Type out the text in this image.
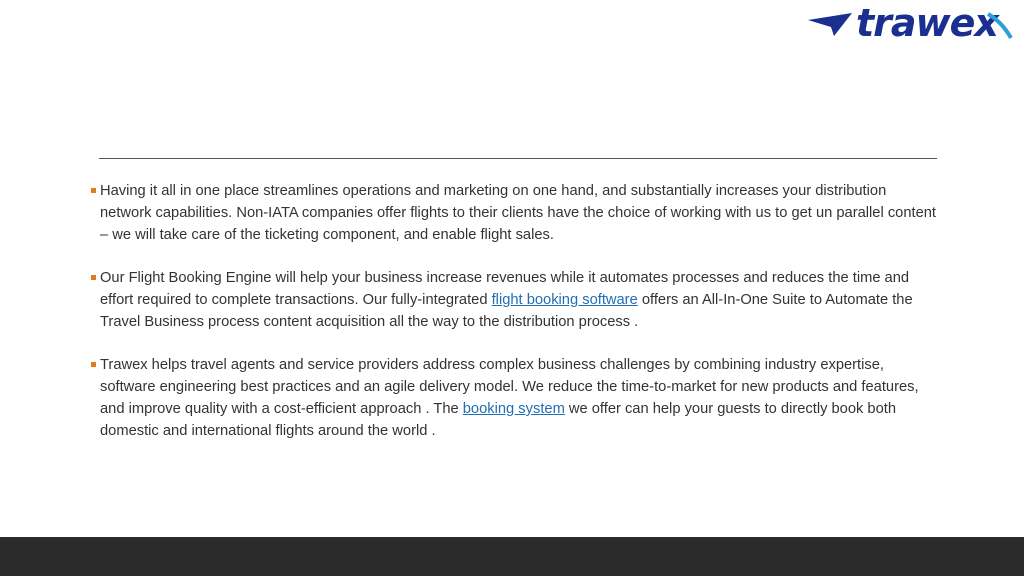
trawex
Having it all in one place streamlines operations and marketing on one hand, and substantially increases your distribution network capabilities. Non-IATA companies offer flights to their clients have the choice of working with us to get un parallel content – we will take care of the ticketing component, and enable flight sales.
Our Flight Booking Engine will help your business increase revenues while it automates processes and reduces the time and effort required to complete transactions. Our fully-integrated flight booking software offers an All-In-One Suite to Automate the Travel Business process content acquisition all the way to the distribution process .
Trawex helps travel agents and service providers address complex business challenges by combining industry expertise, software engineering best practices and an agile delivery model. We reduce the time-to-market for new products and features, and improve quality with a cost-efficient approach . The booking system we offer can help your guests to directly book both domestic and international flights around the world .
